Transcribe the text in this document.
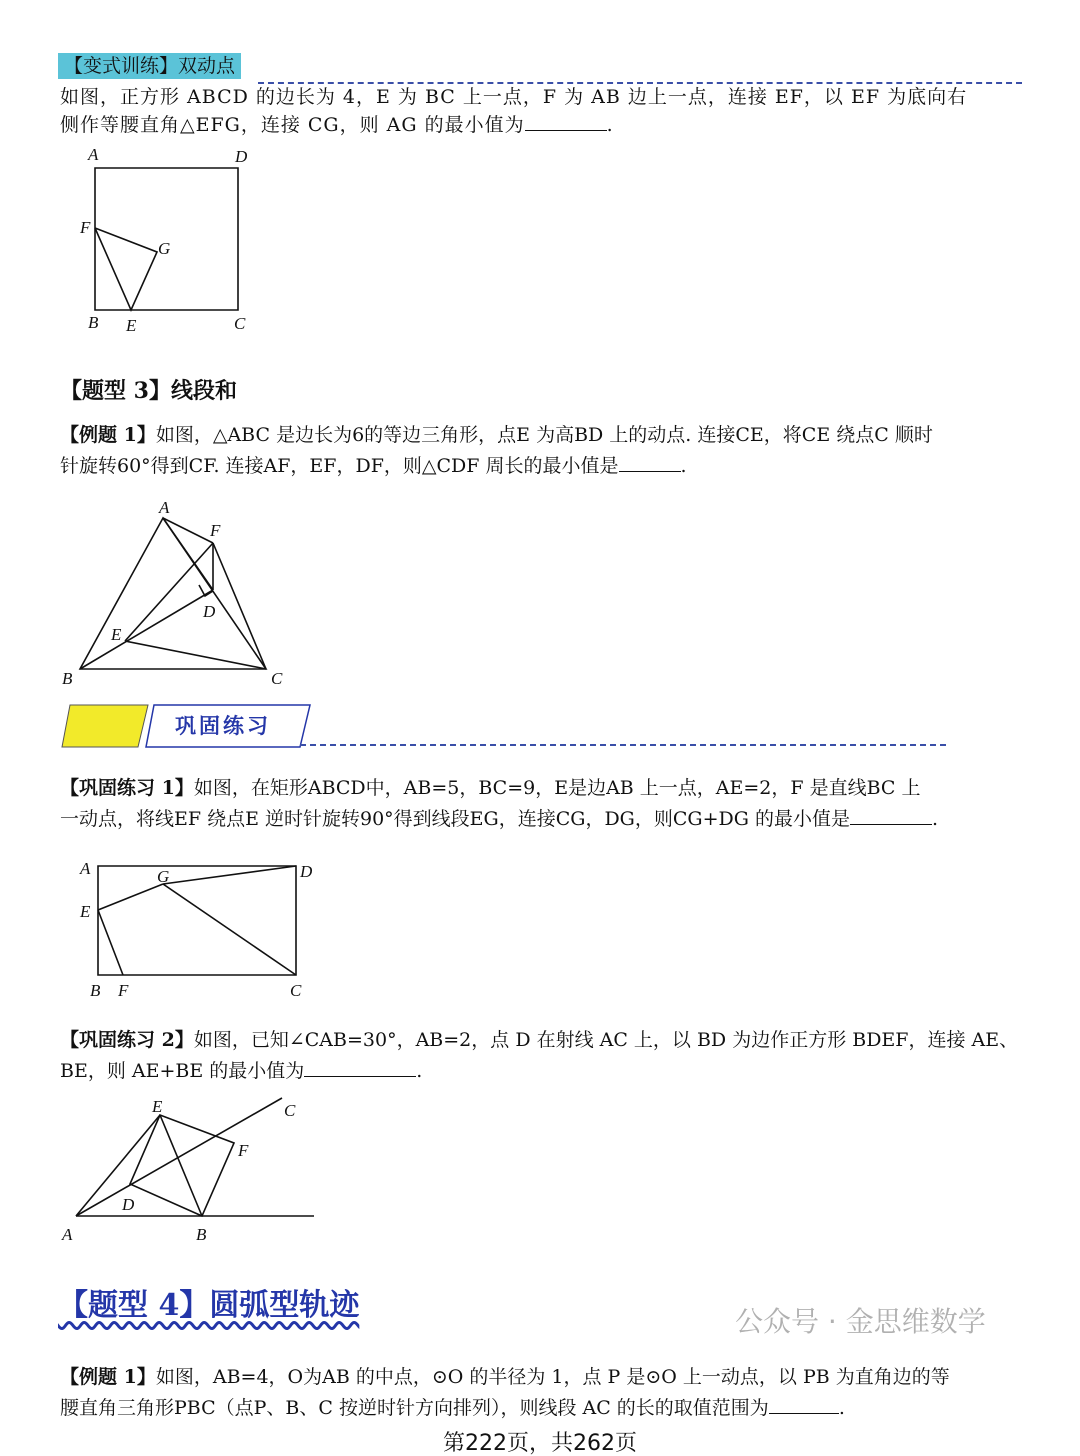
【变式训练】双动点
如图，正方形 ABCD 的边长为 4，E 为 BC 上一点，F 为 AB 边上一点，连接 EF，以 EF 为底向右
侧作等腰直角△EFG，连接 CG，则 AG 的最小值为	.
A	D
F
G
B E	C
【题型 3】线段和
【例题 1】如图，△ABC 是边长为6的等边三角形，点E 为高BD 上的动点. 连接CE，将CE 绕点C 顺时
针旋转60°得到CF. 连接AF，EF，DF，则△CDF 周长的最小值是	.
A
F
D
E
B	C
巩固练习
【巩固练习 1】如图，在矩形ABCD中，AB=5，BC=9，E是边AB 上一点，AE=2，F 是直线BC 上
一动点，将线EF 绕点E 逆时针旋转90°得到线段EG，连接CG，DG，则CG+DG 的最小值是	.
A	G	D
E
B F	C
【巩固练习 2】如图，已知∠CAB=30°，AB=2，点 D 在射线 AC 上，以 BD 为边作正方形 BDEF，连接 AE、
BE，则 AE+BE 的最小值为	.
E	C
F
D
A	B
【题型 4】圆弧型轨迹	公众号 · 金思维数学
【例题 1】如图，AB=4，O为AB 的中点，⊙O 的半径为 1，点 P 是⊙O 上一动点，以 PB 为直角边的等
腰直角三角形PBC（点P、B、C 按逆时针方向排列），则线段 AC 的长的取值范围为	.
第222页，共262页
